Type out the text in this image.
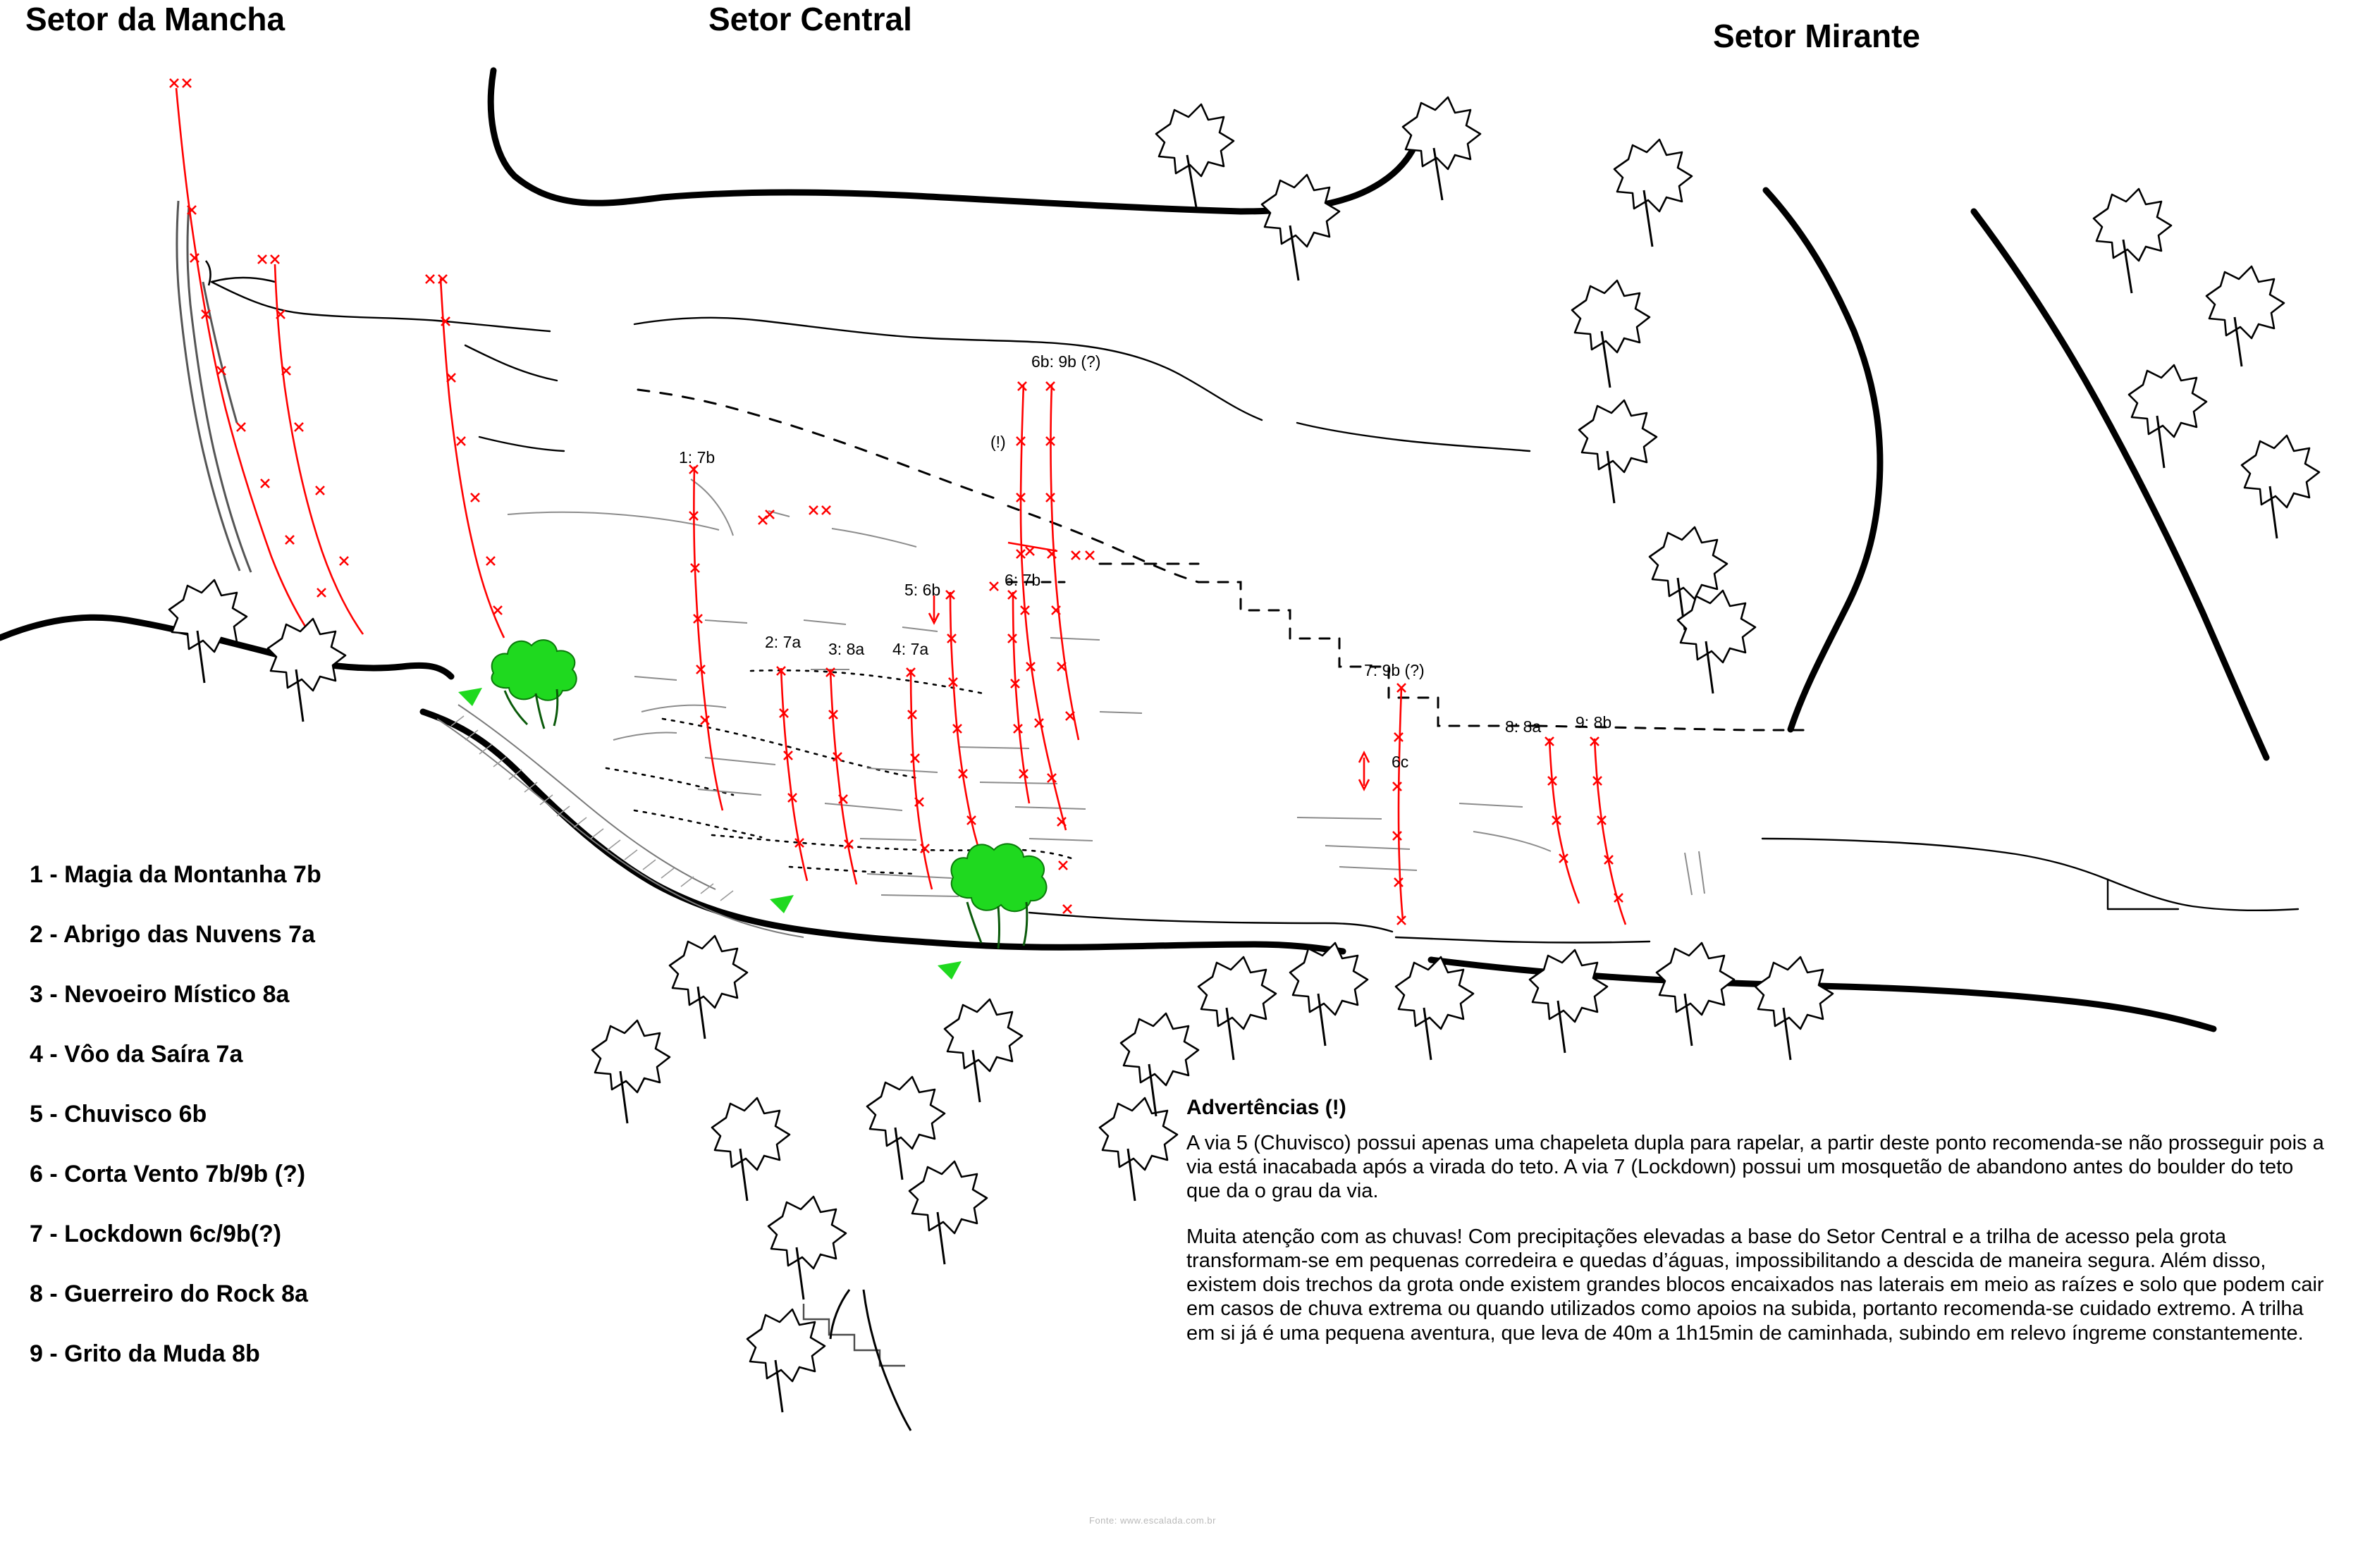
Setor da Mancha	Setor Central	Setor Mirante
1: 7b
2: 7a 3: 8a 4: 7a
5: 6b
6: 7b
6b: 9b (?)
(!)
7: 9b (?)
6c
8: 8a 9: 8b
1 - Magia da Montanha 7b
2 - Abrigo das Nuvens 7a
3 - Nevoeiro Místico 8a
4 - Vôo da Saíra 7a
5 - Chuvisco 6b
6 - Corta Vento 7b/9b (?)
7 - Lockdown 6c/9b(?)
8 - Guerreiro do Rock 8a
9 - Grito da Muda 8b
Advertências (!)
A via 5 (Chuvisco) possui apenas uma chapeleta dupla para rapelar, a partir deste ponto recomenda-se não prosseguir pois a via está inacabada após a virada do teto. A via 7 (Lockdown) possui um mosquetão de abandono antes do boulder do teto que da o grau da via.
Muita atenção com as chuvas! Com precipitações elevadas a base do Setor Central e a trilha de acesso pela grota transformam-se em pequenas corredeira e quedas d’águas, impossibilitando a descida de maneira segura. Além disso, existem dois trechos da grota onde existem grandes blocos encaixados nas laterais em meio as raízes e solo que podem cair em casos de chuva extrema ou quando utilizados como apoios na subida, portanto recomenda-se cuidado extremo. A trilha em si já é uma pequena aventura, que leva de 40m a 1h15min de caminhada, subindo em relevo íngreme constantemente.
Fonte: www.escalada.com.br
